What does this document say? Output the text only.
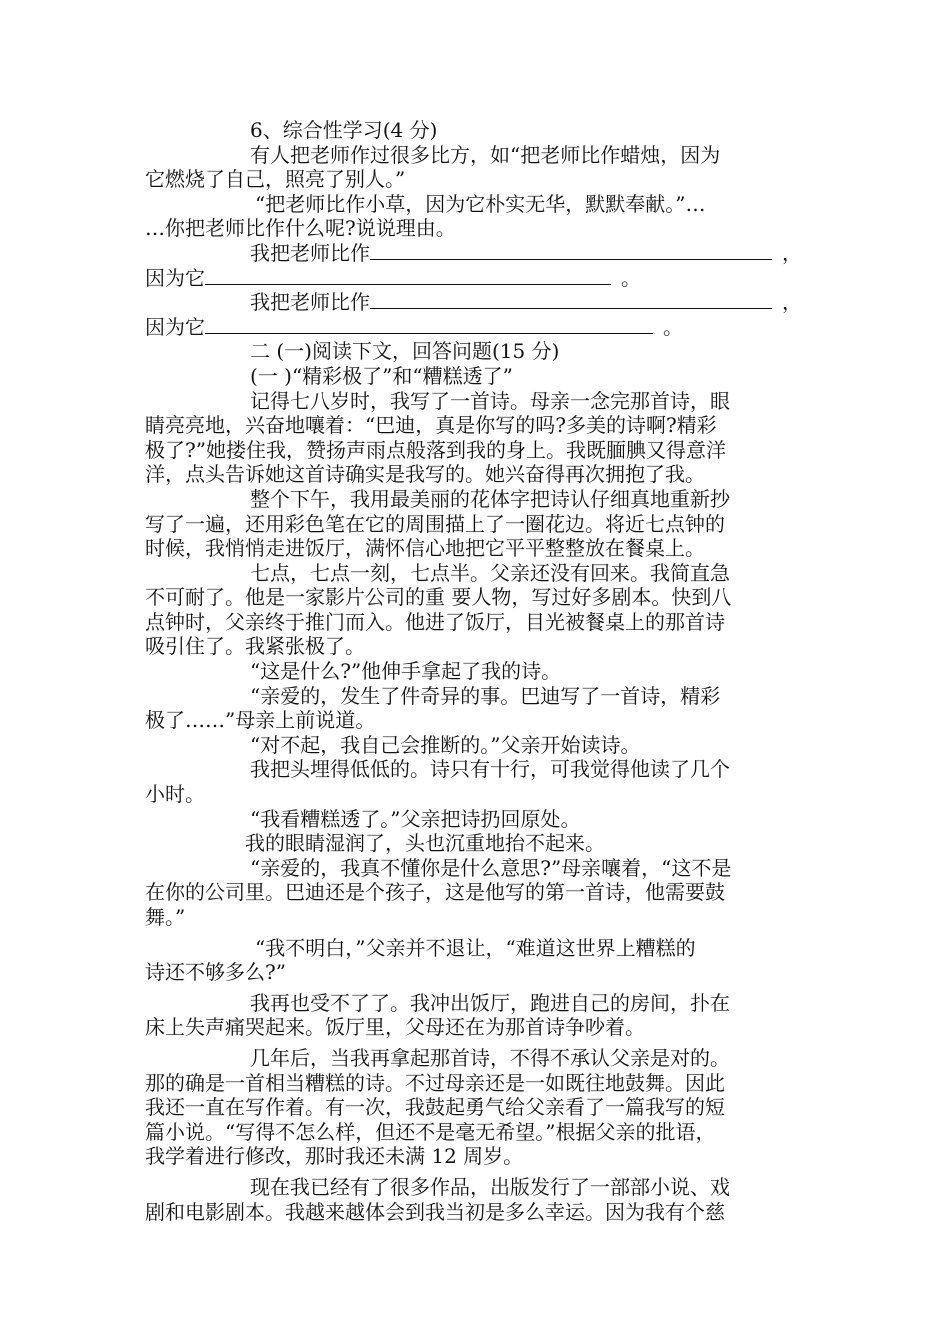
6、综合性学习(4 分)
有人把老师作过很多比方，如“把老师比作蜡烛，因为
它燃烧了自己，照亮了别人。”
“把老师比作小草，因为它朴实无华，默默奉献。”…
…你把老师比作什么呢?说说理由。
我把老师比作	，
因为它	。
我把老师比作	，
因为它	。
二 (一)阅读下文，回答问题(15 分)
(一 )“精彩极了”和“糟糕透了”
记得七八岁时，我写了一首诗。母亲一念完那首诗，眼
睛亮亮地，兴奋地嚷着：“巴迪，真是你写的吗?多美的诗啊?精彩
极了?”她搂住我，赞扬声雨点般落到我的身上。我既腼腆又得意洋
洋，点头告诉她这首诗确实是我写的。她兴奋得再次拥抱了我。
整个下午，我用最美丽的花体字把诗认仔细真地重新抄
写了一遍，还用彩色笔在它的周围描上了一圈花边。将近七点钟的
时候，我悄悄走进饭厅，满怀信心地把它平平整整放在餐桌上。
七点，七点一刻，七点半。父亲还没有回来。我简直急
不可耐了。他是一家影片公司的重 要人物，写过好多剧本。快到八
点钟时，父亲终于推门而入。他进了饭厅，目光被餐桌上的那首诗
吸引住了。我紧张极了。
“这是什么?”他伸手拿起了我的诗。
“亲爱的，发生了件奇异的事。巴迪写了一首诗，精彩
极了……”母亲上前说道。
“对不起，我自己会推断的。”父亲开始读诗。
我把头埋得低低的。诗只有十行，可我觉得他读了几个
小时。
“我看糟糕透了。”父亲把诗扔回原处。
我的眼睛湿润了，头也沉重地抬不起来。
“亲爱的，我真不懂你是什么意思?”母亲嚷着，“这不是
在你的公司里。巴迪还是个孩子，这是他写的第一首诗，他需要鼓
舞。”
“我不明白，”父亲并不退让，“难道这世界上糟糕的
诗还不够多么?”
我再也受不了了。我冲出饭厅，跑进自己的房间，扑在
床上失声痛哭起来。饭厅里，父母还在为那首诗争吵着。
几年后，当我再拿起那首诗，不得不承认父亲是对的。
那的确是一首相当糟糕的诗。不过母亲还是一如既往地鼓舞。因此
我还一直在写作着。有一次，我鼓起勇气给父亲看了一篇我写的短
篇小说。“写得不怎么样，但还不是毫无希望。”根据父亲的批语，
我学着进行修改，那时我还未满 12 周岁。
现在我已经有了很多作品，出版发行了一部部小说、戏
剧和电影剧本。我越来越体会到我当初是多么幸运。因为我有个慈
